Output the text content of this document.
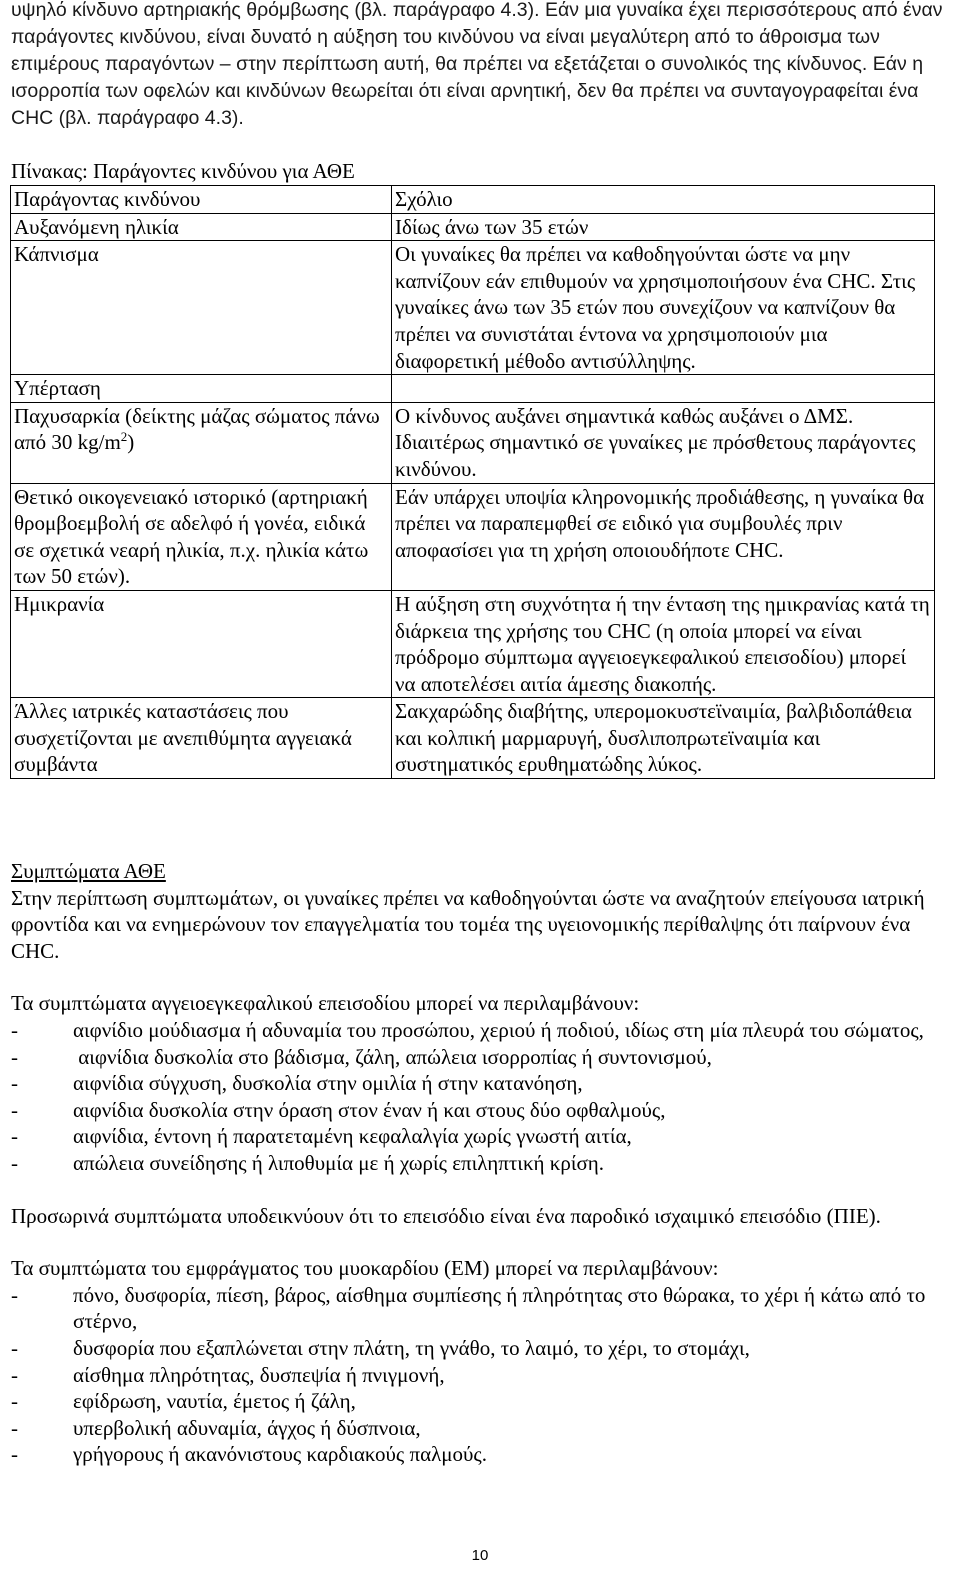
υψηλό κίνδυνο αρτηριακής θρόμβωσης (βλ. παράγραφο 4.3). Εάν μια γυναίκα έχει περισσότερους από έναν παράγοντες κινδύνου, είναι δυνατό η αύξηση του κινδύνου να είναι μεγαλύτερη από το άθροισμα των επιμέρους παραγόντων – στην περίπτωση αυτή, θα πρέπει να εξετάζεται ο συνολικός της κίνδυνος. Εάν η ισορροπία των οφελών και κινδύνων θεωρείται ότι είναι αρνητική, δεν θα πρέπει να συνταγογραφείται ένα CHC (βλ. παράγραφο 4.3).

Πίνακας: Παράγοντες κινδύνου για ΑΘΕ
Παράγοντας κινδύνου	Σχόλιο
Αυξανόμενη ηλικία	Ιδίως άνω των 35 ετών
Κάπνισμα	Οι γυναίκες θα πρέπει να καθοδηγούνται ώστε να μην καπνίζουν εάν επιθυμούν να χρησιμοποιήσουν ένα CHC. Στις γυναίκες άνω των 35 ετών που συνεχίζουν να καπνίζουν θα πρέπει να συνιστάται έντονα να χρησιμοποιούν μια διαφορετική μέθοδο αντισύλληψης.
Υπέρταση	
Παχυσαρκία (δείκτης μάζας σώματος πάνω από 30 $kg/m^2$)	Ο κίνδυνος αυξάνει σημαντικά καθώς αυξάνει ο ΔΜΣ. Ιδιαιτέρως σημαντικό σε γυναίκες με πρόσθετους παράγοντες κινδύνου.
Θετικό οικογενειακό ιστορικό (αρτηριακή θρομβοεμβολή σε αδελφό ή γονέα, ειδικά σε σχετικά νεαρή ηλικία, π.χ. ηλικία κάτω των 50 ετών).	Εάν υπάρχει υποψία κληρονομικής προδιάθεσης, η γυναίκα θα πρέπει να παραπεμφθεί σε ειδικό για συμβουλές πριν αποφασίσει για τη χρήση οποιουδήποτε CHC.
Ημικρανία	Η αύξηση στη συχνότητα ή την ένταση της ημικρανίας κατά τη διάρκεια της χρήσης του CHC (η οποία μπορεί να είναι πρόδρομο σύμπτωμα αγγειοεγκεφαλικού επεισοδίου) μπορεί να αποτελέσει αιτία άμεσης διακοπής.
Άλλες ιατρικές καταστάσεις που συσχετίζονται με ανεπιθύμητα αγγειακά συμβάντα	Σακχαρώδης διαβήτης, υπερομοκυστεϊναιμία, βαλβιδοπάθεια και κολπική μαρμαρυγή, δυσλιποπρωτεϊναιμία και συστηματικός ερυθηματώδης λύκος.
Συμπτώματα ΑΘΕ

Στην περίπτωση συμπτωμάτων, οι γυναίκες πρέπει να καθοδηγούνται ώστε να αναζητούν επείγουσα ιατρική φροντίδα και να ενημερώνουν τον επαγγελματία του τομέα της υγειονομικής περίθαλψης ότι παίρνουν ένα CHC.

Τα συμπτώματα αγγειοεγκεφαλικού επεισοδίου μπορεί να περιλαμβάνουν:

-	αιφνίδιο μούδιασμα ή αδυναμία του προσώπου, χεριού ή ποδιού, ιδίως στη μία πλευρά του σώματος,
-	αιφνίδια δυσκολία στο βάδισμα, ζάλη, απώλεια ισορροπίας ή συντονισμού,
-	αιφνίδια σύγχυση, δυσκολία στην ομιλία ή στην κατανόηση,
-	αιφνίδια δυσκολία στην όραση στον έναν ή και στους δύο οφθαλμούς,
-	αιφνίδια, έντονη ή παρατεταμένη κεφαλαλγία χωρίς γνωστή αιτία,
-	απώλεια συνείδησης ή λιποθυμία με ή χωρίς επιληπτική κρίση.

Προσωρινά συμπτώματα υποδεικνύουν ότι το επεισόδιο είναι ένα παροδικό ισχαιμικό επεισόδιο (ΠΙΕ).

Τα συμπτώματα του εμφράγματος του μυοκαρδίου (ΕΜ) μπορεί να περιλαμβάνουν:

-	πόνο, δυσφορία, πίεση, βάρος, αίσθημα συμπίεσης ή πληρότητας στο θώρακα, το χέρι ή κάτω από το στέρνο,
-	δυσφορία που εξαπλώνεται στην πλάτη, τη γνάθο, το λαιμό, το χέρι, το στομάχι,
-	αίσθημα πληρότητας, δυσπεψία ή πνιγμονή,
-	εφίδρωση, ναυτία, έμετος ή ζάλη,
-	υπερβολική αδυναμία, άγχος ή δύσπνοια,
-	γρήγορους ή ακανόνιστους καρδιακούς παλμούς.
10
